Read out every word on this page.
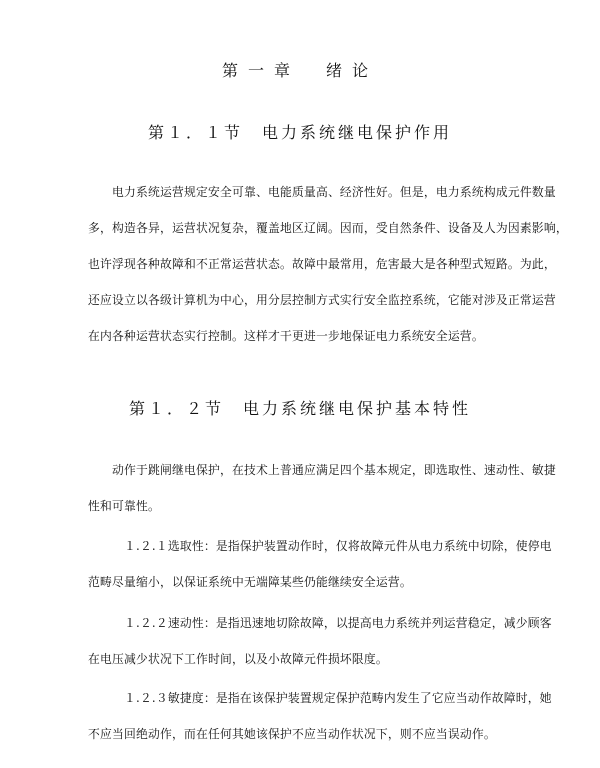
第一章　绪论
第１．１节　电力系统继电保护作用
　　电力系统运营规定安全可靠、电能质量高、经济性好。但是，电力系统构成元件数量
多，构造各异，运营状况复杂，覆盖地区辽阔。因而，受自然条件、设备及人为因素影响，
也许浮现各种故障和不正常运营状态。故障中最常用，危害最大是各种型式短路。为此，
还应设立以各级计算机为中心，用分层控制方式实行安全监控系统，它能对涉及正常运营
在内各种运营状态实行控制。这样才干更进一步地保证电力系统安全运营。
第１．２节　电力系统继电保护基本特性
　　动作于跳闸继电保护，在技术上普通应满足四个基本规定，即选取性、速动性、敏捷
性和可靠性。
　　　１.２.１选取性：是指保护装置动作时，仅将故障元件从电力系统中切除，使停电
范畴尽量缩小，以保证系统中无端障某些仍能继续安全运营。
　　　１.２.２速动性：是指迅速地切除故障，以提高电力系统并列运营稳定，减少顾客
在电压减少状况下工作时间，以及小故障元件损坏限度。
　　　１.２.３敏捷度：是指在该保护装置规定保护范畴内发生了它应当动作故障时，她
不应当回绝动作，而在任何其她该保护不应当动作状况下，则不应当误动作。
